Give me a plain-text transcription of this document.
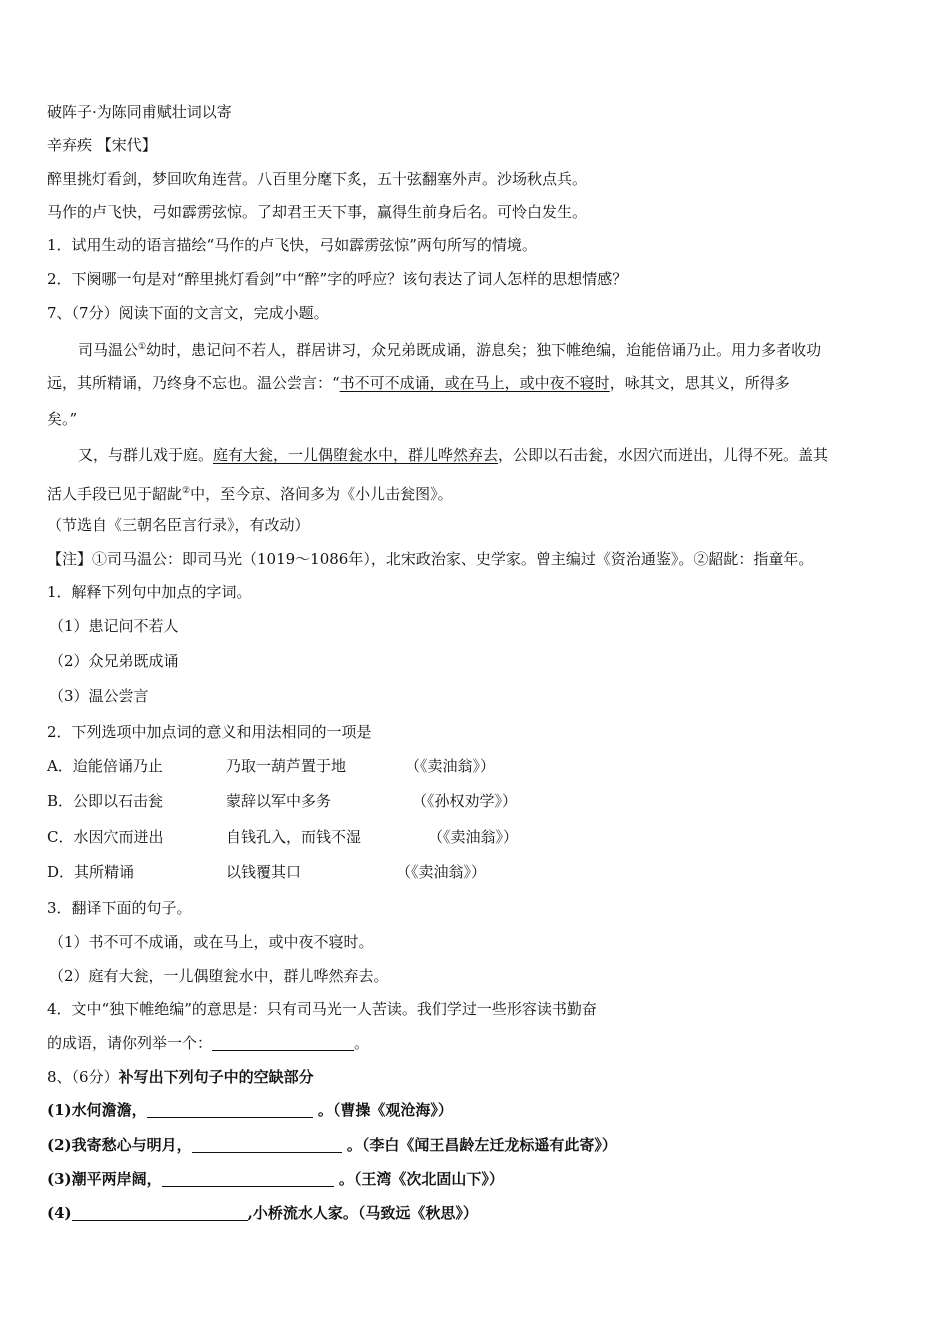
破阵子·为陈同甫赋壮词以寄
辛弃疾 【宋代】
醉里挑灯看剑，梦回吹角连营。八百里分麾下炙，五十弦翻塞外声。沙场秋点兵。
马作的卢飞快，弓如霹雳弦惊。了却君王天下事，赢得生前身后名。可怜白发生。
1．试用生动的语言描绘“马作的卢飞快，弓如霹雳弦惊”两句所写的情境。
2．下阕哪一句是对“醉里挑灯看剑”中“醉”字的呼应？该句表达了词人怎样的思想情感？
7、（7分）阅读下面的文言文，完成小题。
司马温公①幼时，患记问不若人，群居讲习，众兄弟既成诵，游息矣；独下帷绝编，迨能倍诵乃止。用力多者收功
远，其所精诵，乃终身不忘也。温公尝言：“书不可不成诵，或在马上，或中夜不寝时，咏其文，思其义，所得多
矣。”
又，与群儿戏于庭。庭有大瓮，一儿偶堕瓮水中，群儿哗然弃去，公即以石击瓮，水因穴而迸出，儿得不死。盖其
活人手段已见于龆龀②中，至今京、洛间多为《小儿击瓮图》。
（节选自《三朝名臣言行录》，有改动）
【注】①司马温公：即司马光（1019～1086年），北宋政治家、史学家。曾主编过《资治通鉴》。②龆龀：指童年。
1．解释下列句中加点的字词。
（1）患记问不若人
（2）众兄弟既成诵
（3）温公尝言
2．下列选项中加点词的意义和用法相同的一项是
A．迨能倍诵乃止	乃取一葫芦置于地	（《卖油翁》）
B．公即以石击瓮	蒙辞以军中多务	（《孙权劝学》）
C．水因穴而迸出	自钱孔入，而钱不湿	（《卖油翁》）
D．其所精诵	以钱覆其口	（《卖油翁》）
3．翻译下面的句子。
（1）书不可不成诵，或在马上，或中夜不寝时。
（2）庭有大瓮，一儿偶堕瓮水中，群儿哗然弃去。
4．文中“独下帷绝编”的意思是：只有司马光一人苦读。我们学过一些形容读书勤奋
的成语，请你列举一个：	。
8、（6分）补写出下列句子中的空缺部分
(1)水何澹澹，	。（曹操《观沧海》）
(2)我寄愁心与明月，	。（李白《闻王昌龄左迁龙标遥有此寄》）
(3)潮平两岸阔，	。（王湾《次北固山下》）
(4)	,小桥流水人家。（马致远《秋思》）
